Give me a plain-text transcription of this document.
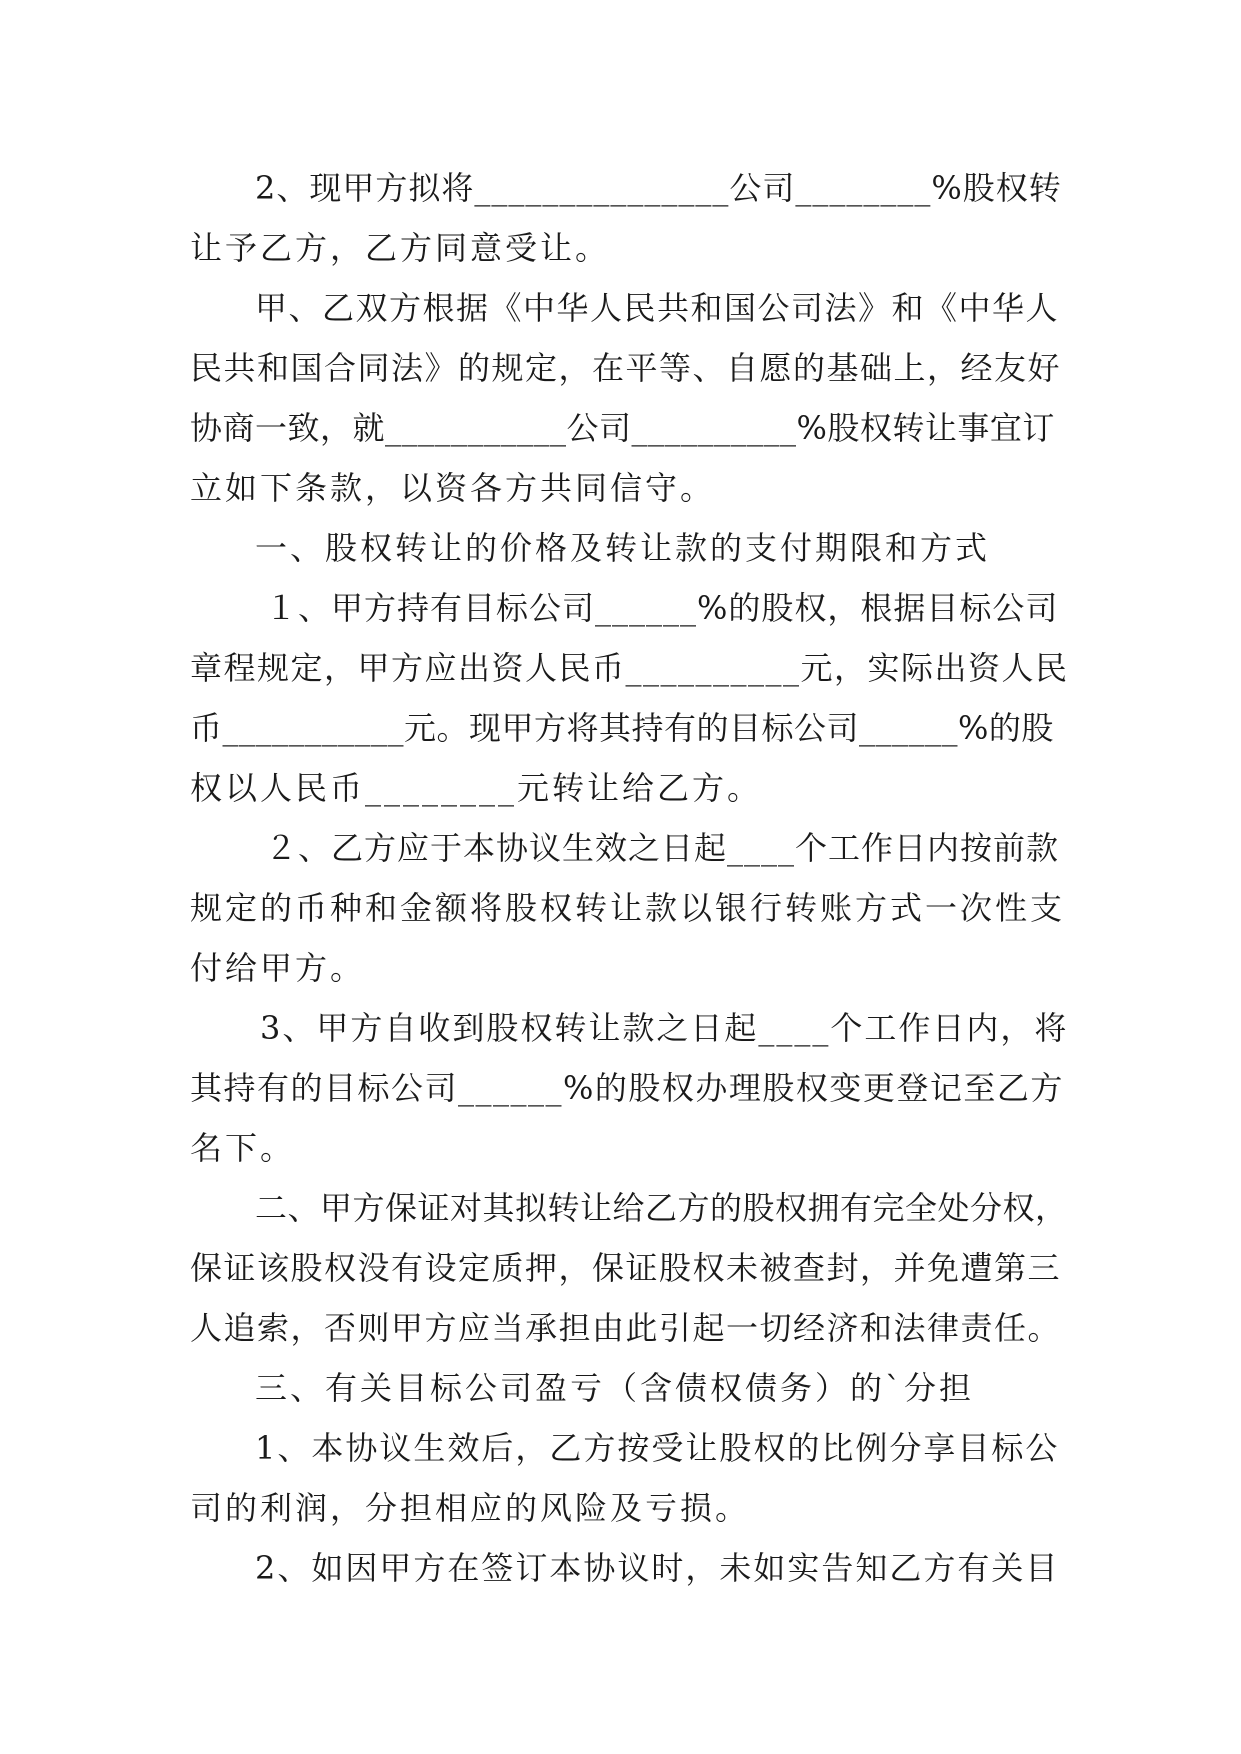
2、现甲方拟将_______________公司________%股权转
让予乙方，乙方同意受让。
甲、乙双方根据《中华人民共和国公司法》和《中华人
民共和国合同法》的规定，在平等、自愿的基础上，经友好
协商一致，就___________公司__________%股权转让事宜订
立如下条款，以资各方共同信守。
一、股权转让的价格及转让款的支付期限和方式
１、甲方持有目标公司______%的股权，根据目标公司
章程规定，甲方应出资人民币__________元，实际出资人民
币___________元。现甲方将其持有的目标公司______%的股
权以人民币________元转让给乙方。
２、乙方应于本协议生效之日起____个工作日内按前款
规定的币种和金额将股权转让款以银行转账方式一次性支
付给甲方。
3、甲方自收到股权转让款之日起____个工作日内，将
其持有的目标公司______%的股权办理股权变更登记至乙方
名下。
二、甲方保证对其拟转让给乙方的股权拥有完全处分权，
保证该股权没有设定质押，保证股权未被查封，并免遭第三
人追索，否则甲方应当承担由此引起一切经济和法律责任。
三、有关目标公司盈亏（含债权债务）的`分担
1、本协议生效后，乙方按受让股权的比例分享目标公
司的利润，分担相应的风险及亏损。
2、如因甲方在签订本协议时，未如实告知乙方有关目
